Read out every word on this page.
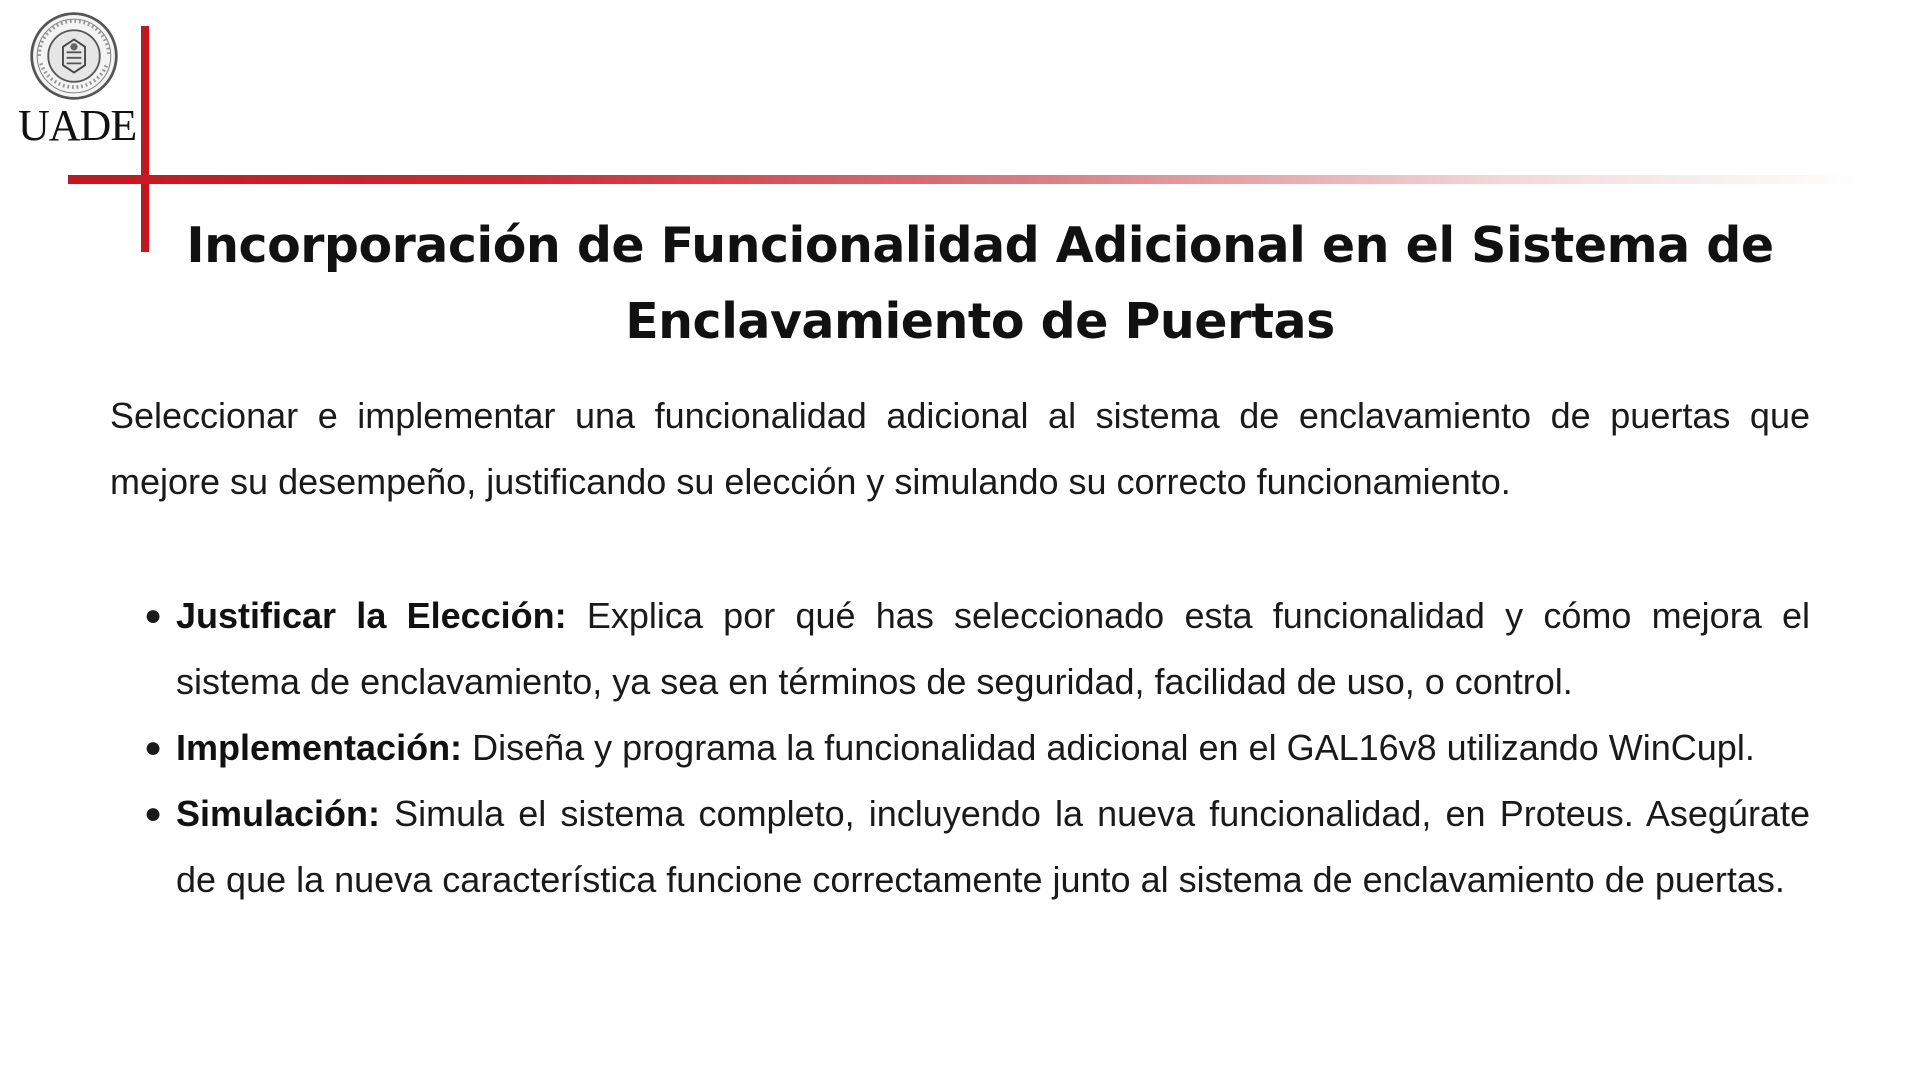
UADE
Incorporación de Funcionalidad Adicional en el Sistema de
Enclavamiento de Puertas

Seleccionar e implementar una funcionalidad adicional al sistema de enclavamiento de puertas que mejore su desempeño, justificando su elección y simulando su correcto funcionamiento.

● Justificar la Elección: Explica por qué has seleccionado esta funcionalidad y cómo mejora el sistema de enclavamiento, ya sea en términos de seguridad, facilidad de uso, o control.
● Implementación: Diseña y programa la funcionalidad adicional en el GAL16v8 utilizando WinCupl.
● Simulación: Simula el sistema completo, incluyendo la nueva funcionalidad, en Proteus. Asegúrate de que la nueva característica funcione correctamente junto al sistema de enclavamiento de puertas.
